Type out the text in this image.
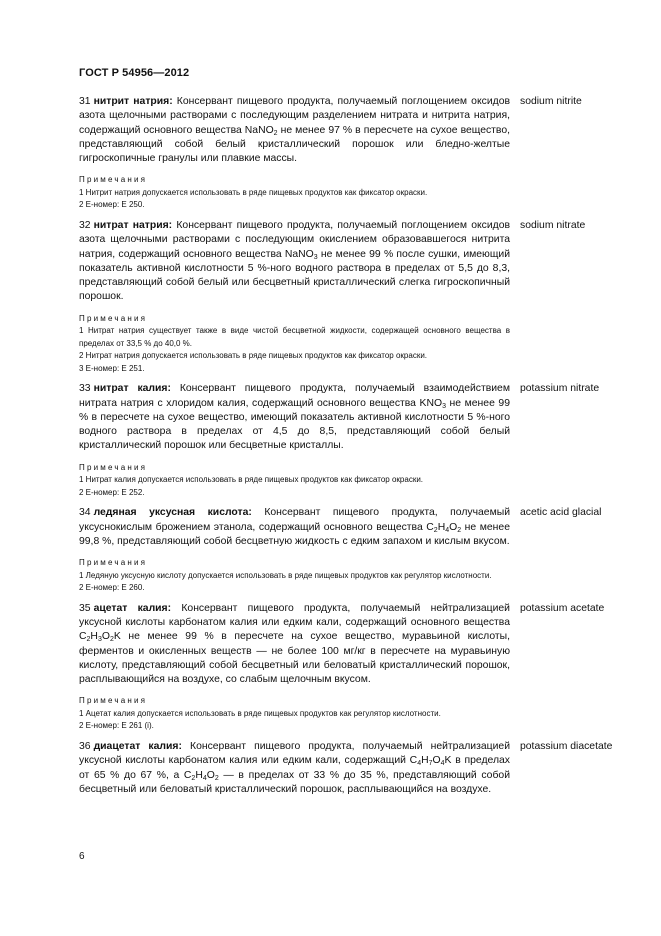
ГОСТ Р 54956—2012

31 нитрит натрия: Консервант пищевого продукта, получаемый поглощением оксидов азота щелочными растворами с последующим разделением нитрата и нитрита натрия, содержащий основного вещества NaNO$_2$ не менее 97 % в пересчете на сухое вещество, представляющий собой белый кристаллический порошок или бледно-желтые гигроскопичные гранулы или плавкие массы.

sodium nitrite

Примечания

1 Нитрит натрия допускается использовать в ряде пищевых продуктов как фиксатор окраски.

2 Е-номер: Е 250.

32 нитрат натрия: Консервант пищевого продукта, получаемый поглощением оксидов азота щелочными растворами с последующим окислением образовавшегося нитрита натрия, содержащий основного вещества NaNO$_3$ не менее 99 % после сушки, имеющий показатель активной кислотности 5 %-ного водного раствора в пределах от 5,5 до 8,3, представляющий собой белый или бесцветный кристаллический слегка гигроскопичный порошок.

sodium nitrate

Примечания

1 Нитрат натрия существует также в виде чистой бесцветной жидкости, содержащей основного вещества в пределах от 33,5 % до 40,0 %.

2 Нитрат натрия допускается использовать в ряде пищевых продуктов как фиксатор окраски.

3 Е-номер: Е 251.

33 нитрат калия: Консервант пищевого продукта, получаемый взаимодействием нитрата натрия с хлоридом калия, содержащий основного вещества $KNO_3$ не менее 99 % в пересчете на сухое вещество, имеющий показатель активной кислотности 5 %-ного водного раствора в пределах от 4,5 до 8,5, представляющий собой белый кристаллический порошок или бесцветные кристаллы.

potassium nitrate

Примечания

1 Нитрат калия допускается использовать в ряде пищевых продуктов как фиксатор окраски.

2 Е-номер: Е 252.

34 ледяная уксусная кислота: Консервант пищевого продукта, получаемый уксуснокислым брожением этанола, содержащий основного вещества $C_2H_4O_2$ не менее 99,8 %, представляющий собой бесцветную жидкость с едким запахом и кислым вкусом.

acetic acid glacial

Примечания

1 Ледяную уксусную кислоту допускается использовать в ряде пищевых продуктов как регулятор кислотности.

2 Е-номер: Е 260.

35 ацетат калия: Консервант пищевого продукта, получаемый нейтрализацией уксусной кислоты карбонатом калия или едким кали, содержащий основного вещества $C_2H_3O_2K$ не менее 99 % в пересчете на сухое вещество, муравьиной кислоты, ферментов и окисленных веществ — не более 100 мг/кг в пересчете на муравьиную кислоту, представляющий собой бесцветный или беловатый кристаллический порошок, расплывающийся на воздухе, со слабым щелочным вкусом.

potassium acetate

Примечания

1 Ацетат калия допускается использовать в ряде пищевых продуктов как регулятор кислотности.

2 Е-номер: Е 261 (i).

36 диацетат калия: Консервант пищевого продукта, получаемый нейтрализацией уксусной кислоты карбонатом калия или едким кали, содержащий $C_4H_7O_4K$ в пределах от 65 % до 67 %, а $C_2H_4O_2$ — в пределах от 33 % до 35 %, представляющий собой бесцветный или беловатый кристаллический порошок, расплывающийся на воздухе.

potassium diacetate
6
